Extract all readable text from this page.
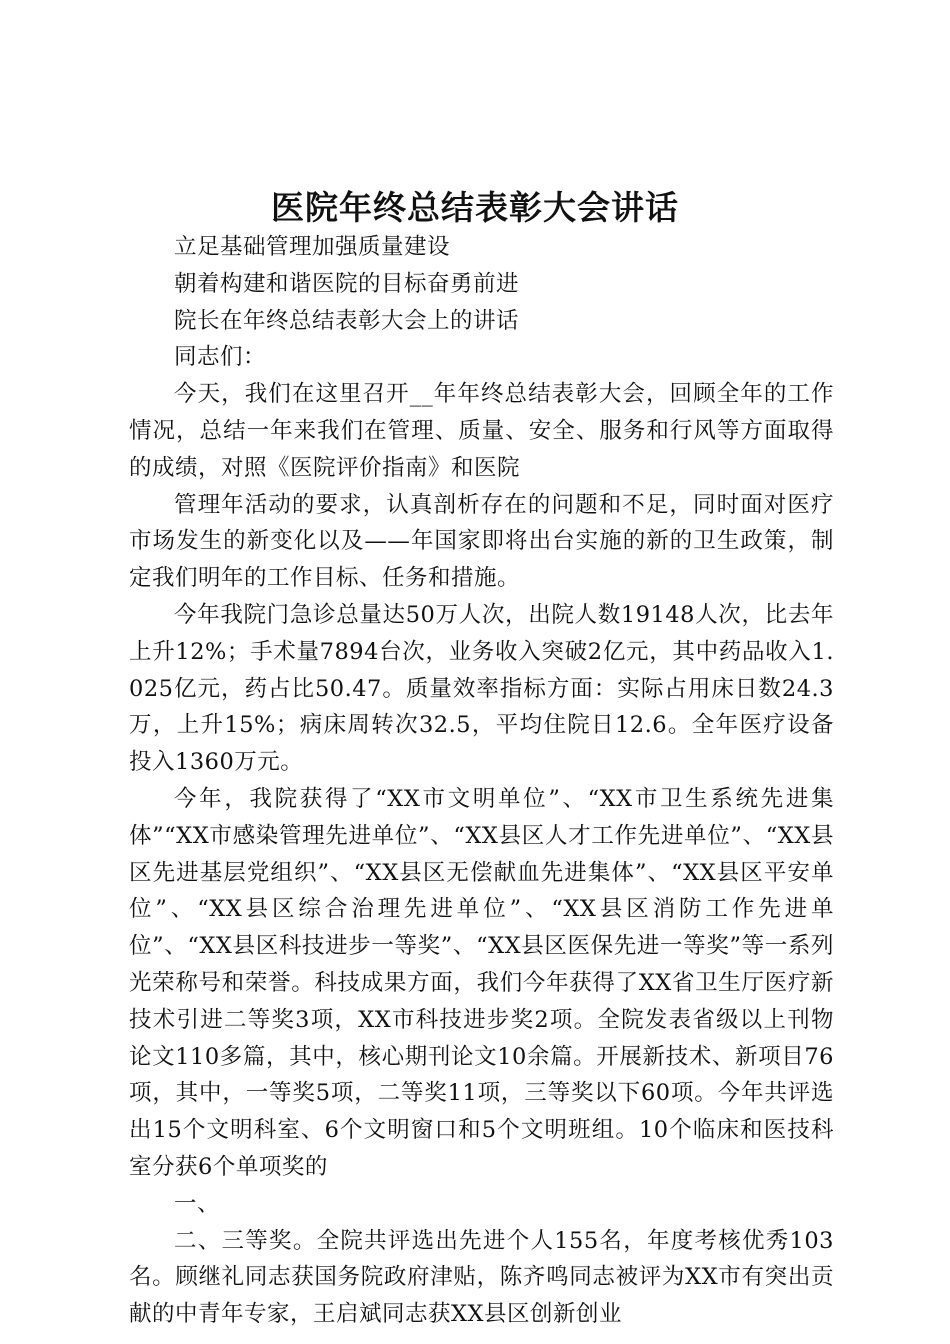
医院年终总结表彰大会讲话

立足基础管理加强质量建设

朝着构建和谐医院的目标奋勇前进

院长在年终总结表彰大会上的讲话

同志们：

今天，我们在这里召开__年年终总结表彰大会，回顾全年的工作情况，总结一年来我们在管理、质量、安全、服务和行风等方面取得的成绩，对照《医院评价指南》和医院

管理年活动的要求，认真剖析存在的问题和不足，同时面对医疗市场发生的新变化以及——年国家即将出台实施的新的卫生政策，制定我们明年的工作目标、任务和措施。

今年我院门急诊总量达50万人次，出院人数19148人次，比去年上升12%；手术量7894台次，业务收入突破2亿元，其中药品收入1.025亿元，药占比50.47。质量效率指标方面：实际占用床日数24.3万，上升15%；病床周转次32.5，平均住院日12.6。全年医疗设备投入1360万元。

今年，我院获得了“XX市文明单位”、“XX市卫生系统先进集体”“XX市感染管理先进单位”、“XX县区人才工作先进单位”、“XX县区先进基层党组织”、“XX县区无偿献血先进集体”、“XX县区平安单位”、“XX县区综合治理先进单位”、“XX县区消防工作先进单位”、“XX县区科技进步一等奖”、“XX县区医保先进一等奖”等一系列光荣称号和荣誉。科技成果方面，我们今年获得了XX省卫生厅医疗新技术引进二等奖3项，XX市科技进步奖2项。全院发表省级以上刊物论文110多篇，其中，核心期刊论文10余篇。开展新技术、新项目76项，其中，一等奖5项，二等奖11项，三等奖以下60项。今年共评选出15个文明科室、6个文明窗口和5个文明班组。10个临床和医技科室分获6个单项奖的

一、

二、三等奖。全院共评选出先进个人155名，年度考核优秀103名。顾继礼同志获国务院政府津贴，陈齐鸣同志被评为XX市有突出贡献的中青年专家，王启斌同志获XX县区创新创业
